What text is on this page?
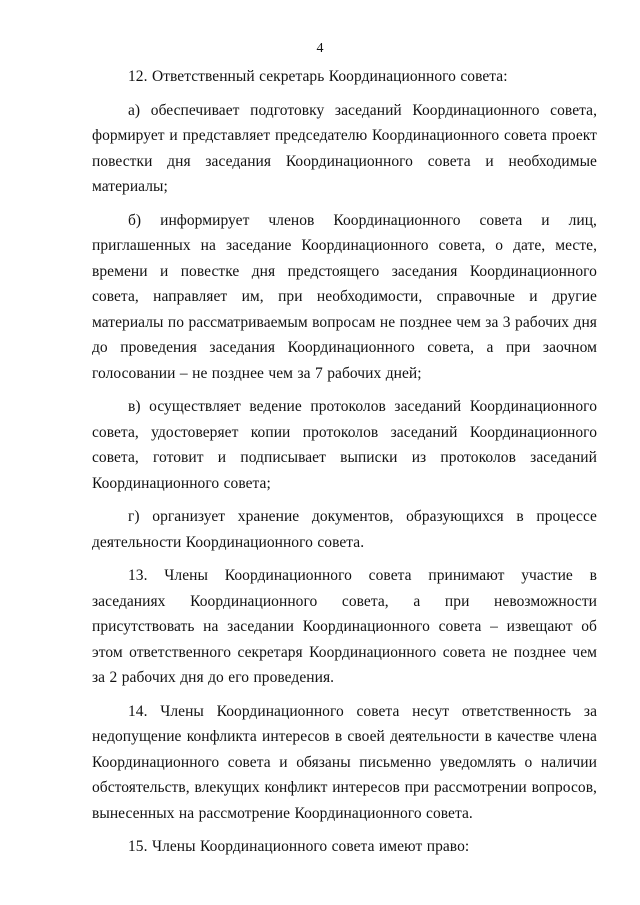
4

12. Ответственный секретарь Координационного совета:

а) обеспечивает подготовку заседаний Координационного совета, формирует и представляет председателю Координационного совета проект повестки дня заседания Координационного совета и необходимые материалы;

б) информирует членов Координационного совета и лиц, приглашенных на заседание Координационного совета, о дате, месте, времени и повестке дня предстоящего заседания Координационного совета, направляет им, при необходимости, справочные и другие материалы по рассматриваемым вопросам не позднее чем за 3 рабочих дня до проведения заседания Координационного совета, а при заочном голосовании – не позднее чем за 7 рабочих дней;

в) осуществляет ведение протоколов заседаний Координационного совета, удостоверяет копии протоколов заседаний Координационного совета, готовит и подписывает выписки из протоколов заседаний Координационного совета;

г) организует хранение документов, образующихся в процессе деятельности Координационного совета.

13. Члены Координационного совета принимают участие в заседаниях Координационного совета, а при невозможности присутствовать на заседании Координационного совета – извещают об этом ответственного секретаря Координационного совета не позднее чем за 2 рабочих дня до его проведения.

14. Члены Координационного совета несут ответственность за недопущение конфликта интересов в своей деятельности в качестве члена Координационного совета и обязаны письменно уведомлять о наличии обстоятельств, влекущих конфликт интересов при рассмотрении вопросов, вынесенных на рассмотрение Координационного совета.

15. Члены Координационного совета имеют право:
